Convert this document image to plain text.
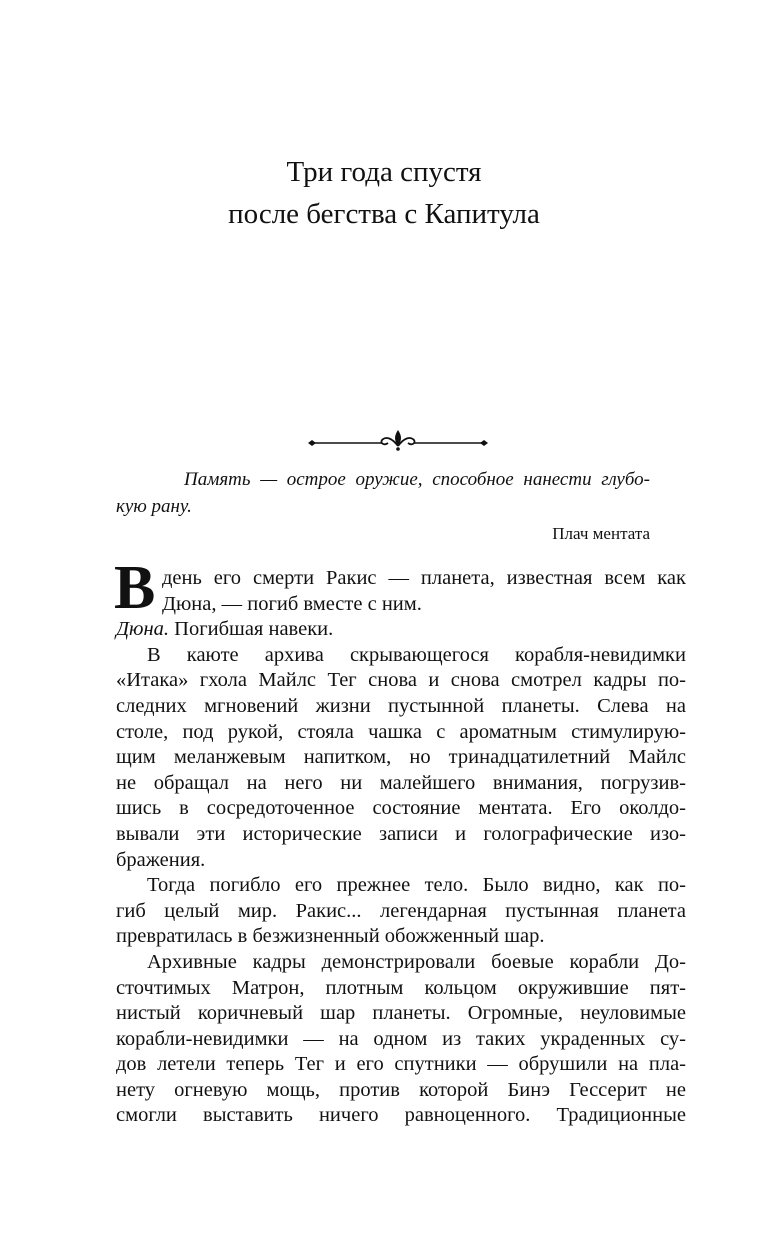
Три года спустя
после бегства с Капитула
Память — острое оружие, способное нанести глубо-
кую рану.
Плач ментата
В день его смерти Ракис — планета, известная всем как
Дюна, — погиб вместе с ним.
Дюна. Погибшая навеки.
В каюте архива скрывающегося корабля-невидимки
«Итака» гхола Майлс Тег снова и снова смотрел кадры по-
следних мгновений жизни пустынной планеты. Слева на
столе, под рукой, стояла чашка с ароматным стимулирую-
щим меланжевым напитком, но тринадцатилетний Майлс
не обращал на него ни малейшего внимания, погрузив-
шись в сосредоточенное состояние ментата. Его околдо-
вывали эти исторические записи и голографические изо-
бражения.
Тогда погибло его прежнее тело. Было видно, как по-
гиб целый мир. Ракис... легендарная пустынная планета
превратилась в безжизненный обожженный шар.
Архивные кадры демонстрировали боевые корабли До-
сточтимых Матрон, плотным кольцом окружившие пят-
нистый коричневый шар планеты. Огромные, неуловимые
корабли-невидимки — на одном из таких украденных су-
дов летели теперь Тег и его спутники — обрушили на пла-
нету огневую мощь, против которой Бинэ Гессерит не
смогли выставить ничего равноценного. Традиционные
